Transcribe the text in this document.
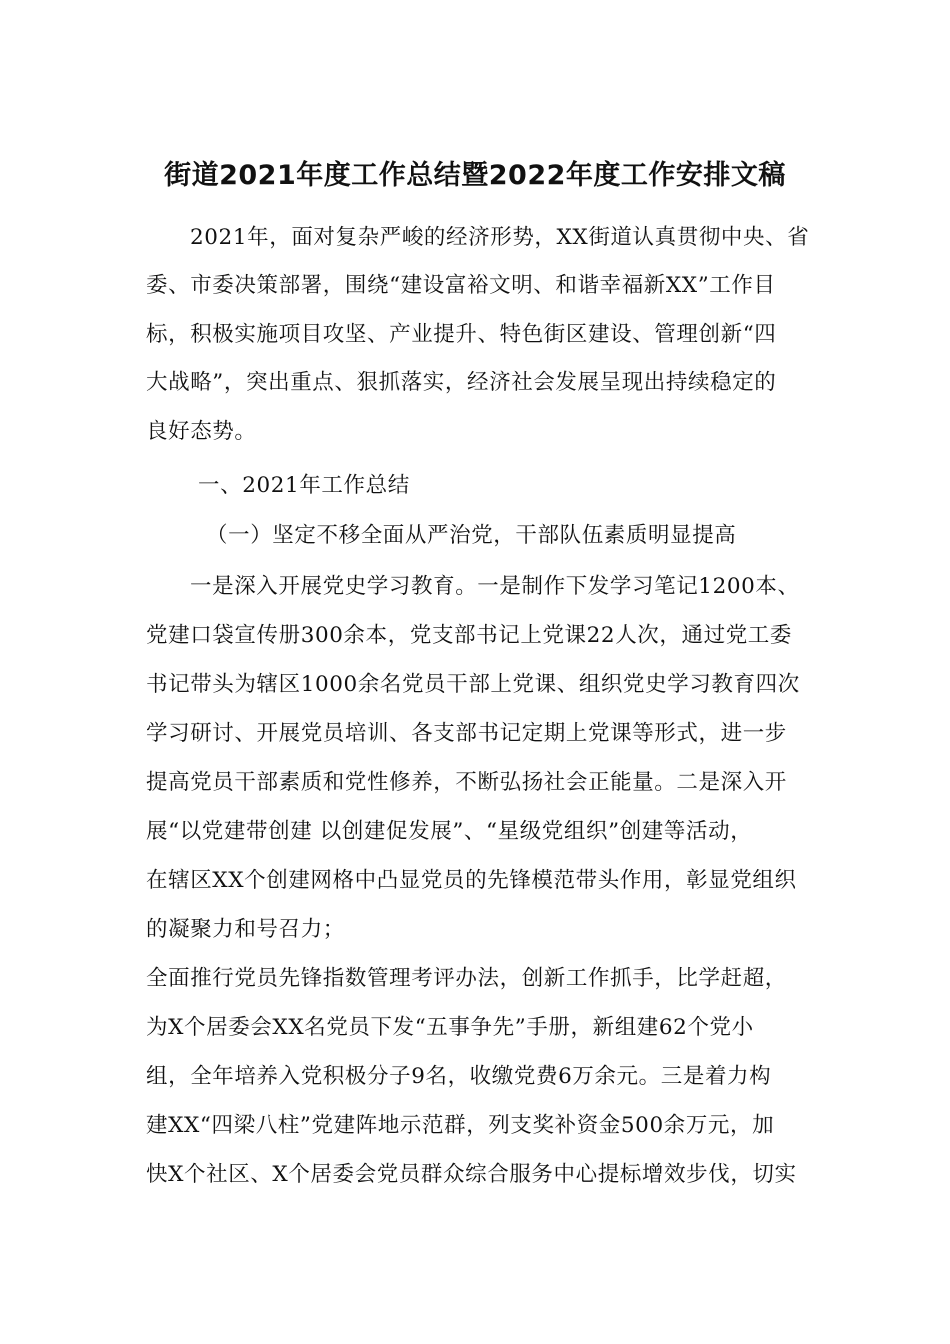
街道2021年度工作总结暨2022年度工作安排文稿
2021年，面对复杂严峻的经济形势，XX街道认真贯彻中央、省
委、市委决策部署，围绕“建设富裕文明、和谐幸福新XX”工作目
标，积极实施项目攻坚、产业提升、特色街区建设、管理创新“四
大战略”，突出重点、狠抓落实，经济社会发展呈现出持续稳定的
良好态势。
一、2021年工作总结
（一）坚定不移全面从严治党，干部队伍素质明显提高
一是深入开展党史学习教育。一是制作下发学习笔记1200本、
党建口袋宣传册300余本，党支部书记上党课22人次，通过党工委
书记带头为辖区1000余名党员干部上党课、组织党史学习教育四次
学习研讨、开展党员培训、各支部书记定期上党课等形式，进一步
提高党员干部素质和党性修养，不断弘扬社会正能量。二是深入开
展“以党建带创建 以创建促发展”、“星级党组织”创建等活动，
在辖区XX个创建网格中凸显党员的先锋模范带头作用，彰显党组织
的凝聚力和号召力；
全面推行党员先锋指数管理考评办法，创新工作抓手，比学赶超，
为X个居委会XX名党员下发“五事争先”手册，新组建62个党小
组，全年培养入党积极分子9名，收缴党费6万余元。三是着力构
建XX“四梁八柱”党建阵地示范群，列支奖补资金500余万元，加
快X个社区、X个居委会党员群众综合服务中心提标增效步伐，切实
